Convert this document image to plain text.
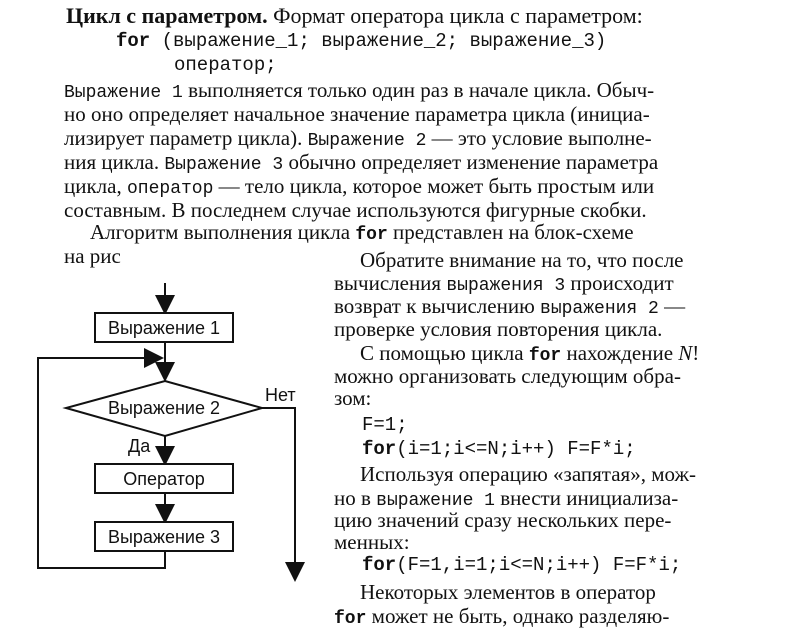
Цикл с параметром. Формат оператора цикла с параметром:
for (выражение_1; выражение_2; выражение_3)
оператор;
Выражение 1 выполняется только один раз в начале цикла. Обыч-
но оно определяет начальное значение параметра цикла (инициа-
лизирует параметр цикла). Выражение 2 — это условие выполне-
ния цикла. Выражение 3 обычно определяет изменение параметра
цикла, оператор — тело цикла, которое может быть простым или
составным. В последнем случае используются фигурные скобки.
Алгоритм выполнения цикла for представлен на блок-схеме
на рис	Обратите внимание на то, что после
вычисления выражения 3 происходит
возврат к вычислению выражения 2 —
проверке условия повторения цикла.
С помощью цикла for нахождение N!
можно организовать следующим обра-
зом:
F=1;
for(i=1;i<=N;i++) F=F*i;
Используя операцию «запятая», мож-
но в выражение 1 внести инициализа-
цию значений сразу нескольких пере-
менных:
for(F=1,i=1;i<=N;i++) F=F*i;
Выражение 1
Выражение 2
Нет
Да
Оператор
Выражение 3
Некоторых элементов в оператор
for может не быть, однако разделяю-
